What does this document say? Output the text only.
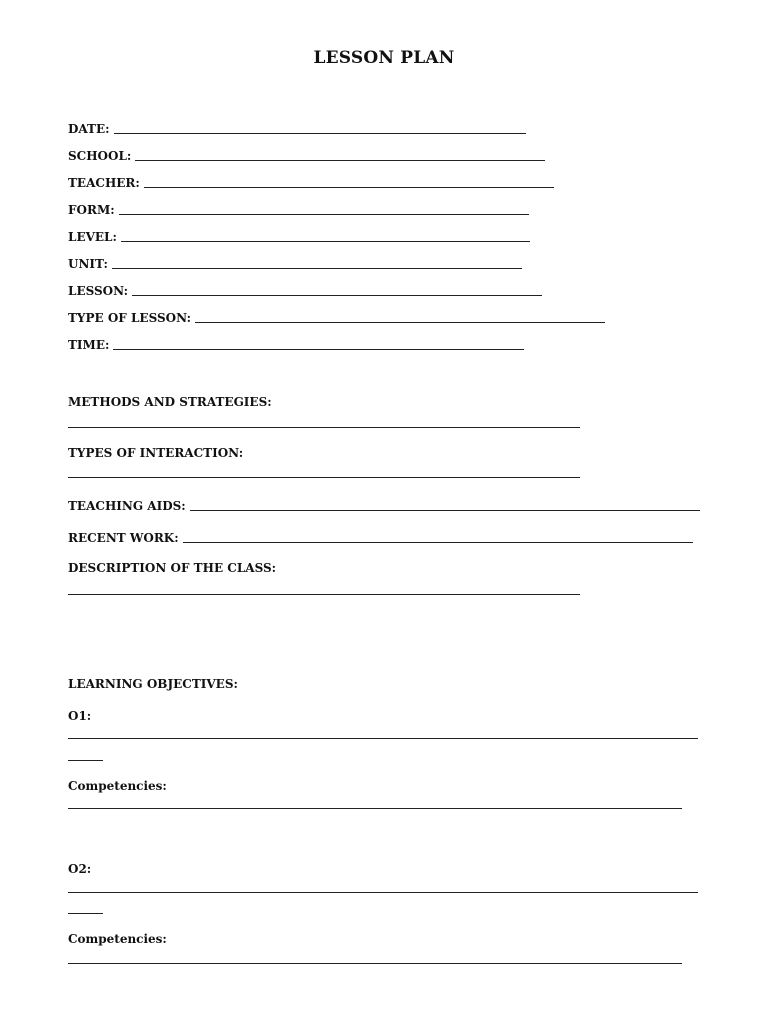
LESSON PLAN
DATE:
SCHOOL:
TEACHER:
FORM:
LEVEL:
UNIT:
LESSON:
TYPE OF LESSON:
TIME:
METHODS AND STRATEGIES:
TYPES OF INTERACTION:
TEACHING AIDS:
RECENT WORK:
DESCRIPTION OF THE CLASS:
LEARNING OBJECTIVES:
O1:
Competencies:
O2:
Competencies:
